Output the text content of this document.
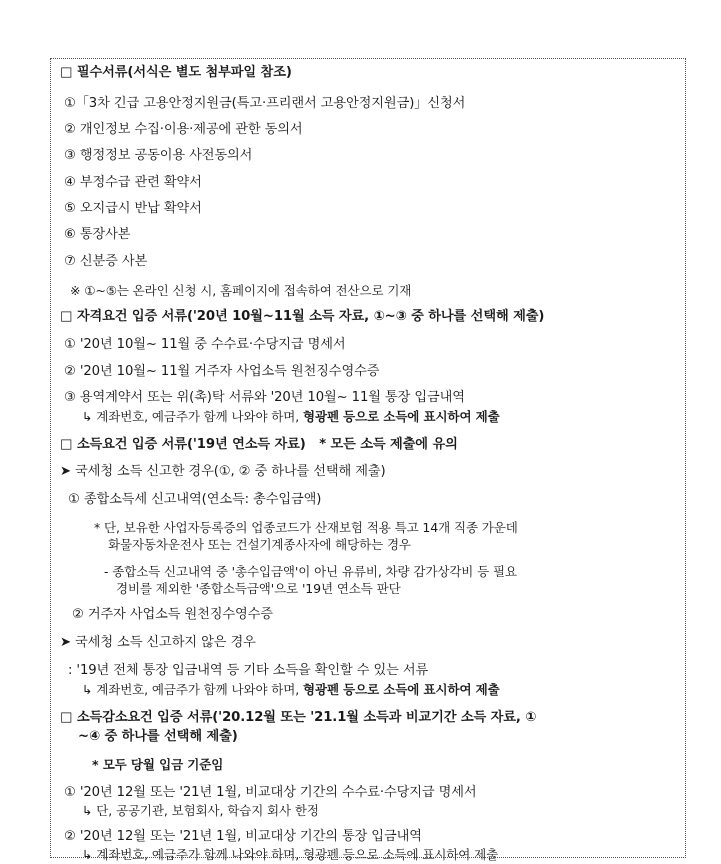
□ 필수서류(서식은 별도 첨부파일 참조)
①「3차 긴급 고용안정지원금(특고·프리랜서 고용안정지원금)」신청서
② 개인정보 수집·이용·제공에 관한 동의서
③ 행정정보 공동이용 사전동의서
④ 부정수급 관련 확약서
⑤ 오지급시 반납 확약서
⑥ 통장사본
⑦ 신분증 사본
※ ①~⑤는 온라인 신청 시, 홈페이지에 접속하여 전산으로 기재
□ 자격요건 입증 서류('20년 10월~11월 소득 자료, ①~③ 중 하나를 선택해 제출)
① '20년 10월~ 11월 중 수수료·수당지급 명세서
② '20년 10월~ 11월 거주자 사업소득 원천징수영수증
③ 용역계약서 또는 위(촉)탁 서류와 '20년 10월~ 11월 통장 입금내역
↳ 계좌번호, 예금주가 함께 나와야 하며, 형광펜 등으로 소득에 표시하여 제출
□ 소득요건 입증 서류('19년 연소득 자료) * 모든 소득 제출에 유의
➤ 국세청 소득 신고한 경우(①, ② 중 하나를 선택해 제출)
① 종합소득세 신고내역(연소득: 총수입금액)
* 단, 보유한 사업자등록증의 업종코드가 산재보험 적용 특고 14개 직종 가운데
화물자동차운전사 또는 건설기계종사자에 해당하는 경우
- 종합소득 신고내역 중 '총수입금액'이 아닌 유류비, 차량 감가상각비 등 필요
경비를 제외한 '종합소득금액'으로 '19년 연소득 판단
② 거주자 사업소득 원천징수영수증
➤ 국세청 소득 신고하지 않은 경우
: '19년 전체 통장 입금내역 등 기타 소득을 확인할 수 있는 서류
↳ 계좌번호, 예금주가 함께 나와야 하며, 형광펜 등으로 소득에 표시하여 제출
□ 소득감소요건 입증 서류('20.12월 또는 '21.1월 소득과 비교기간 소득 자료, ①
~④ 중 하나를 선택해 제출)
* 모두 당월 입금 기준임
① '20년 12월 또는 '21년 1월, 비교대상 기간의 수수료·수당지급 명세서
↳ 단, 공공기관, 보험회사, 학습지 회사 한정
② '20년 12월 또는 '21년 1월, 비교대상 기간의 통장 입금내역
↳ 계좌번호, 예금주가 함께 나와야 하며, 형광펜 등으로 소득에 표시하여 제출
